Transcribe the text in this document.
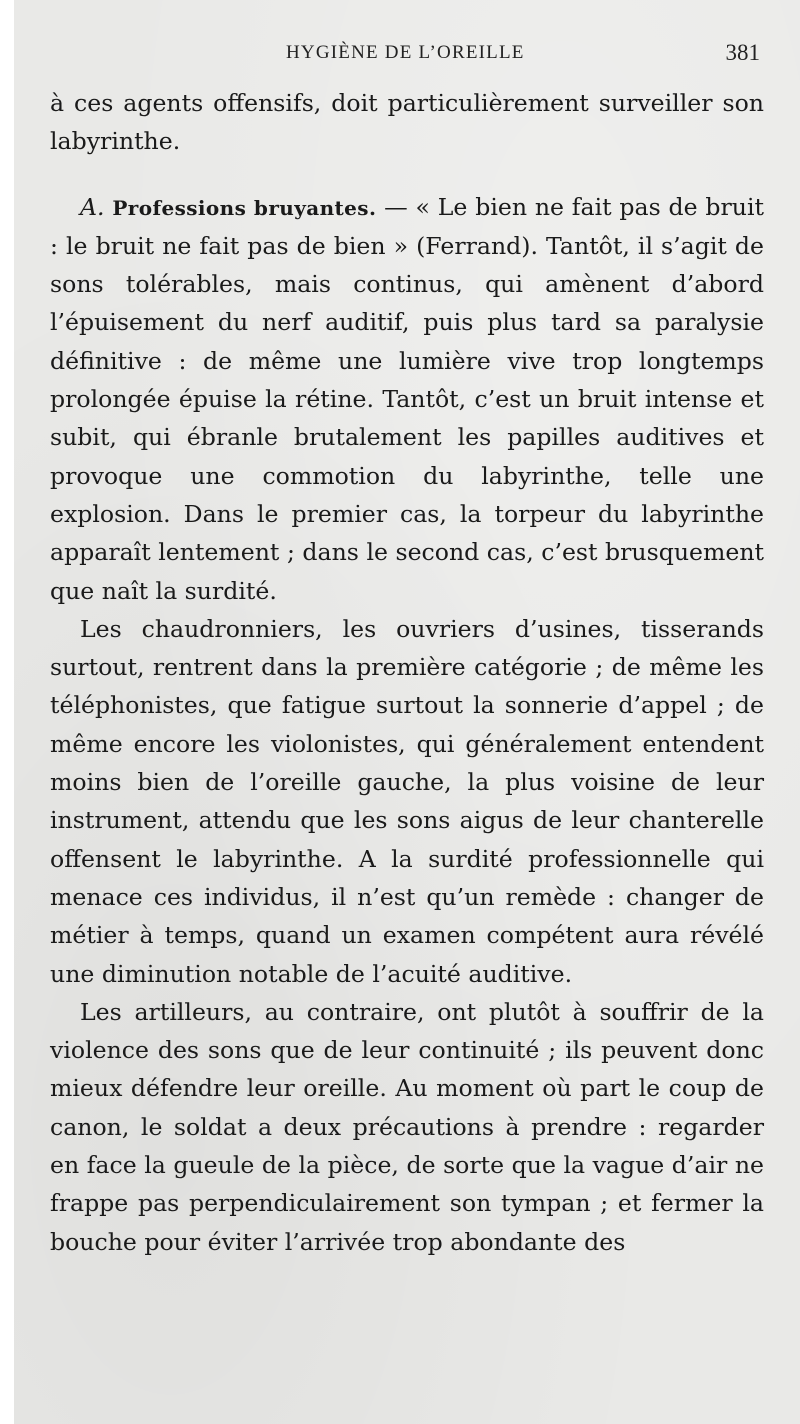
HYGIÈNE DE L’OREILLE	381

à ces agents offensifs, doit particulièrement surveiller son labyrinthe.

A. Professions bruyantes. — « Le bien ne fait pas de bruit : le bruit ne fait pas de bien » (Ferrand). Tantôt, il s’agit de sons tolérables, mais continus, qui amènent d’abord l’épuisement du nerf auditif, puis plus tard sa paralysie définitive : de même une lumière vive trop longtemps prolongée épuise la rétine. Tantôt, c’est un bruit intense et subit, qui ébranle brutalement les papilles auditives et provoque une commotion du labyrinthe, telle une explosion. Dans le premier cas, la torpeur du labyrinthe apparaît lentement ; dans le second cas, c’est brusquement que naît la surdité.

Les chaudronniers, les ouvriers d’usines, tisserands surtout, rentrent dans la première catégorie ; de même les téléphonistes, que fatigue surtout la sonnerie d’appel ; de même encore les violonistes, qui généralement entendent moins bien de l’oreille gauche, la plus voisine de leur instrument, attendu que les sons aigus de leur chanterelle offensent le labyrinthe. A la surdité professionnelle qui menace ces individus, il n’est qu’un remède : changer de métier à temps, quand un examen compétent aura révélé une diminution notable de l’acuité auditive.

Les artilleurs, au contraire, ont plutôt à souffrir de la violence des sons que de leur continuité ; ils peuvent donc mieux défendre leur oreille. Au moment où part le coup de canon, le soldat a deux précautions à prendre : regarder en face la gueule de la pièce, de sorte que la vague d’air ne frappe pas perpendiculairement son tympan ; et fermer la bouche pour éviter l’arrivée trop abondante des
